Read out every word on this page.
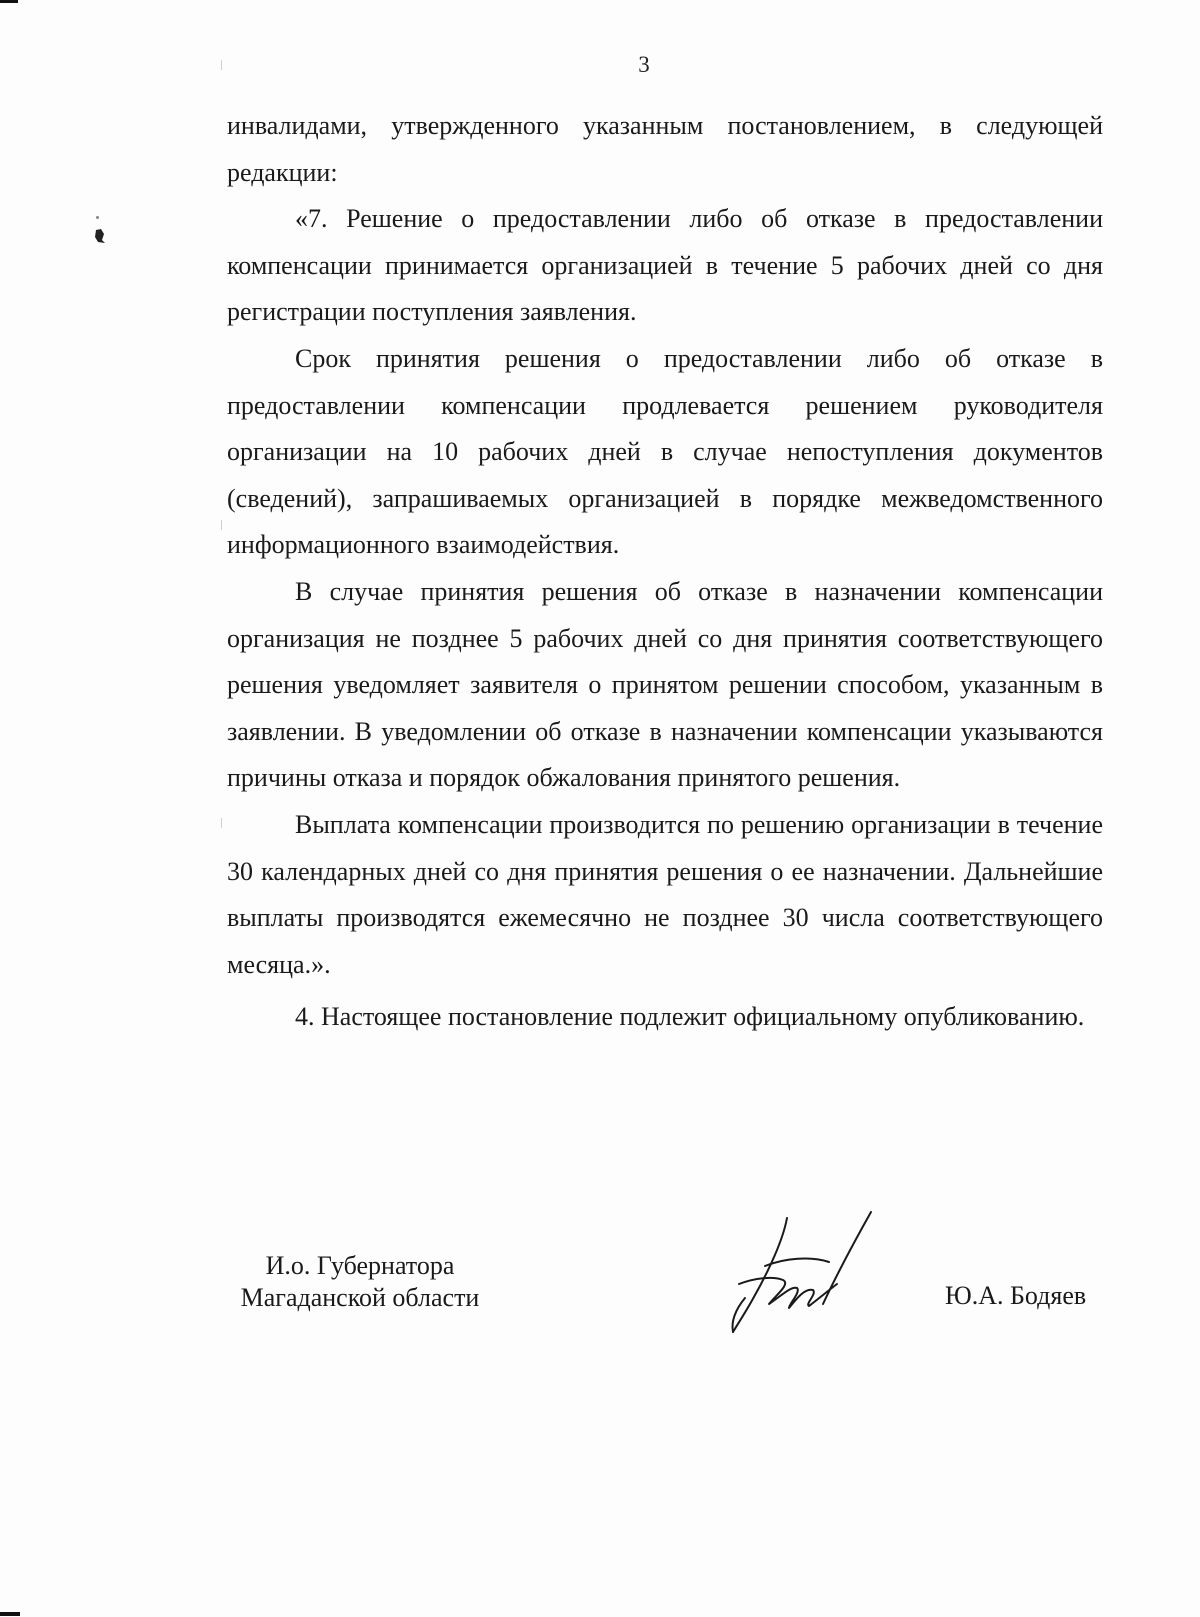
3

инвалидами, утвержденного указанным постановлением, в следующей редакции:

«7. Решение о предоставлении либо об отказе в предоставлении компенсации принимается организацией в течение 5 рабочих дней со дня регистрации поступления заявления.

Срок принятия решения о предоставлении либо об отказе в предоставлении компенсации продлевается решением руководителя организации на 10 рабочих дней в случае непоступления документов (сведений), запрашиваемых организацией в порядке межведомственного информационного взаимодействия.

В случае принятия решения об отказе в назначении компенсации организация не позднее 5 рабочих дней со дня принятия соответствующего решения уведомляет заявителя о принятом решении способом, указанным в заявлении. В уведомлении об отказе в назначении компенсации указываются причины отказа и порядок обжалования принятого решения.

Выплата компенсации производится по решению организации в течение 30 календарных дней со дня принятия решения о ее назначении. Дальнейшие выплаты производятся ежемесячно не позднее 30 числа соответствующего месяца.».

4. Настоящее постановление подлежит официальному опубликованию.

И.о. Губернатора
Магаданской области	Ю.А. Бодяев
